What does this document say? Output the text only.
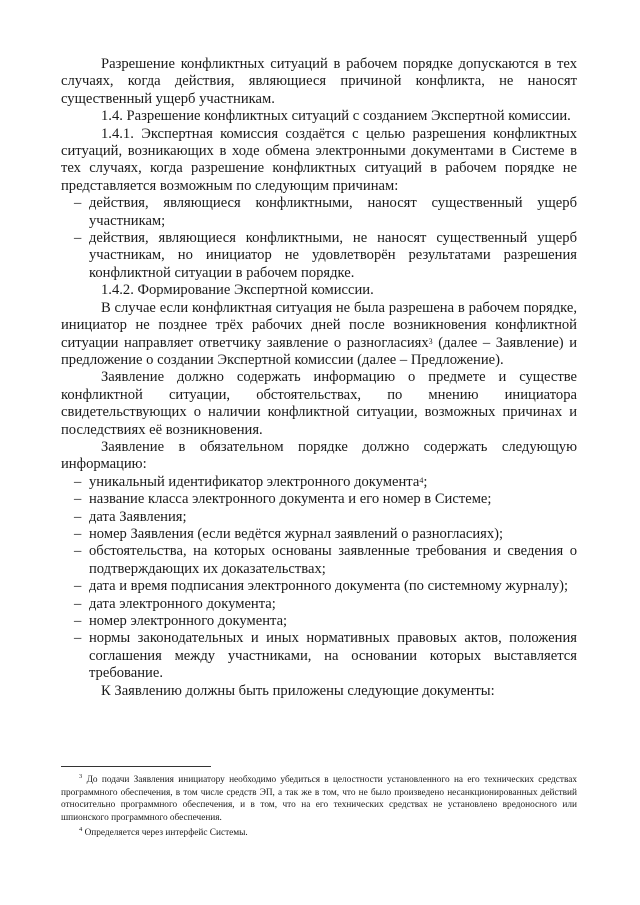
Разрешение конфликтных ситуаций в рабочем порядке допускаются в тех случаях, когда действия, являющиеся причиной конфликта, не наносят существенный ущерб участникам.

1.4. Разрешение конфликтных ситуаций с созданием Экспертной комиссии.

1.4.1. Экспертная комиссия создаётся с целью разрешения конфликтных ситуаций, возникающих в ходе обмена электронными документами в Системе в тех случаях, когда разрешение конфликтных ситуаций в рабочем порядке не представляется возможным по следующим причинам:

– действия, являющиеся конфликтными, наносят существенный ущерб участникам;
– действия, являющиеся конфликтными, не наносят существенный ущерб участникам, но инициатор не удовлетворён результатами разрешения конфликтной ситуации в рабочем порядке.

1.4.2. Формирование Экспертной комиссии.

В случае если конфликтная ситуация не была разрешена в рабочем порядке, инициатор не позднее трёх рабочих дней после возникновения конфликтной ситуации направляет ответчику заявление о разногласиях$^3$ (далее – Заявление) и предложение о создании Экспертной комиссии (далее – Предложение).

Заявление должно содержать информацию о предмете и существе конфликтной ситуации, обстоятельствах, по мнению инициатора свидетельствующих о наличии конфликтной ситуации, возможных причинах и последствиях её возникновения.

Заявление в обязательном порядке должно содержать следующую информацию:

– уникальный идентификатор электронного документа$^4$;
– название класса электронного документа и его номер в Системе;
– дата Заявления;
– номер Заявления (если ведётся журнал заявлений о разногласиях);
– обстоятельства, на которых основаны заявленные требования и сведения о подтверждающих их доказательствах;
– дата и время подписания электронного документа (по системному журналу);
– дата электронного документа;
– номер электронного документа;
– нормы законодательных и иных нормативных правовых актов, положения соглашения между участниками, на основании которых выставляется требование.

К Заявлению должны быть приложены следующие документы:

$^3$ До подачи Заявления инициатору необходимо убедиться в целостности установленного на его технических средствах программного обеспечения, в том числе средств ЭП, а так же в том, что не было произведено несанкционированных действий относительно программного обеспечения, и в том, что на его технических средствах не установлено вредоносного или шпионского программного обеспечения.

$^4$ Определяется через интерфейс Системы.
